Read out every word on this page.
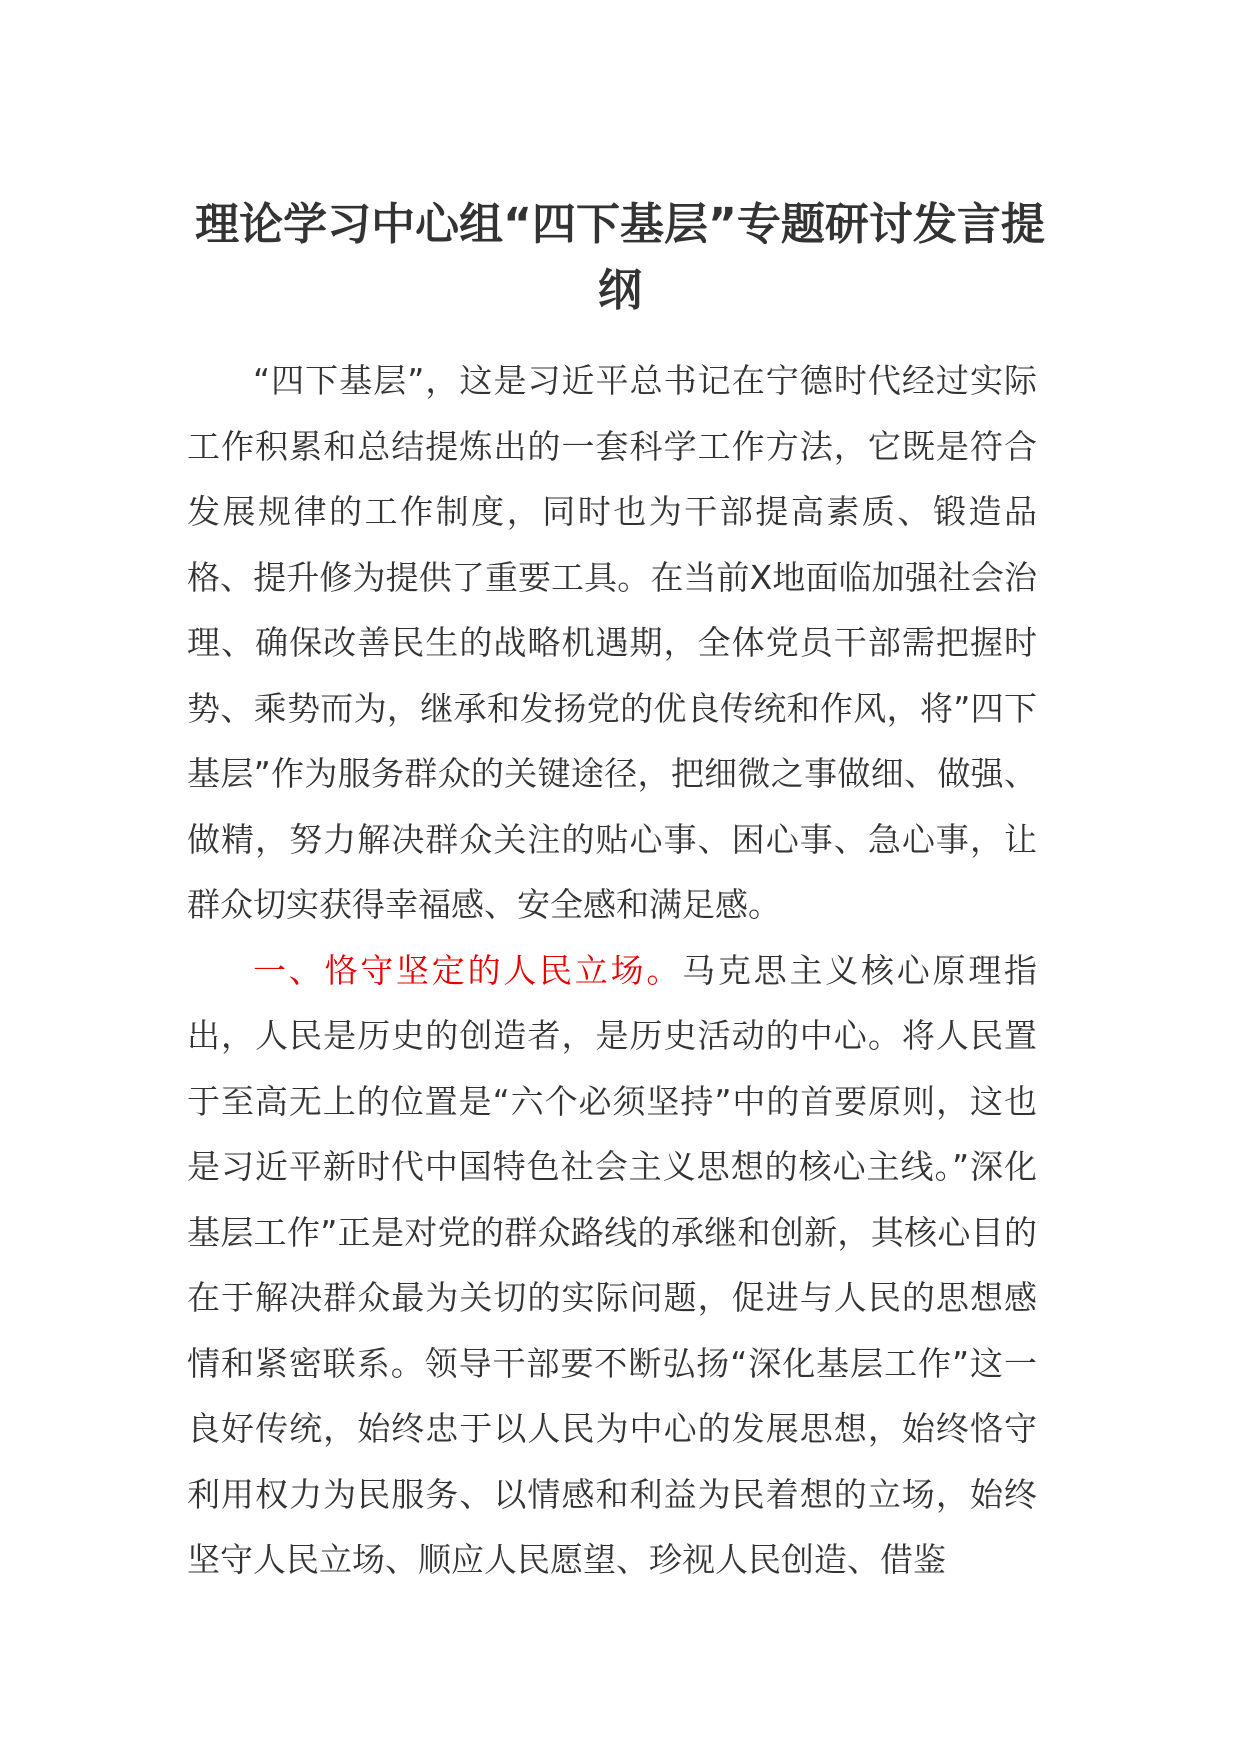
理论学习中心组“四下基层”专题研讨发言提纲

“四下基层”，这是习近平总书记在宁德时代经过实际工作积累和总结提炼出的一套科学工作方法，它既是符合发展规律的工作制度，同时也为干部提高素质、锻造品格、提升修为提供了重要工具。在当前X地面临加强社会治理、确保改善民生的战略机遇期，全体党员干部需把握时势、乘势而为，继承和发扬党的优良传统和作风，将”四下基层”作为服务群众的关键途径，把细微之事做细、做强、做精，努力解决群众关注的贴心事、困心事、急心事，让群众切实获得幸福感、安全感和满足感。

一、恪守坚定的人民立场。马克思主义核心原理指出，人民是历史的创造者，是历史活动的中心。将人民置于至高无上的位置是“六个必须坚持”中的首要原则，这也是习近平新时代中国特色社会主义思想的核心主线。”深化基层工作”正是对党的群众路线的承继和创新，其核心目的在于解决群众最为关切的实际问题，促进与人民的思想感情和紧密联系。领导干部要不断弘扬“深化基层工作”这一良好传统，始终忠于以人民为中心的发展思想，始终恪守利用权力为民服务、以情感和利益为民着想的立场，始终坚守人民立场、顺应人民愿望、珍视人民创造、借鉴
